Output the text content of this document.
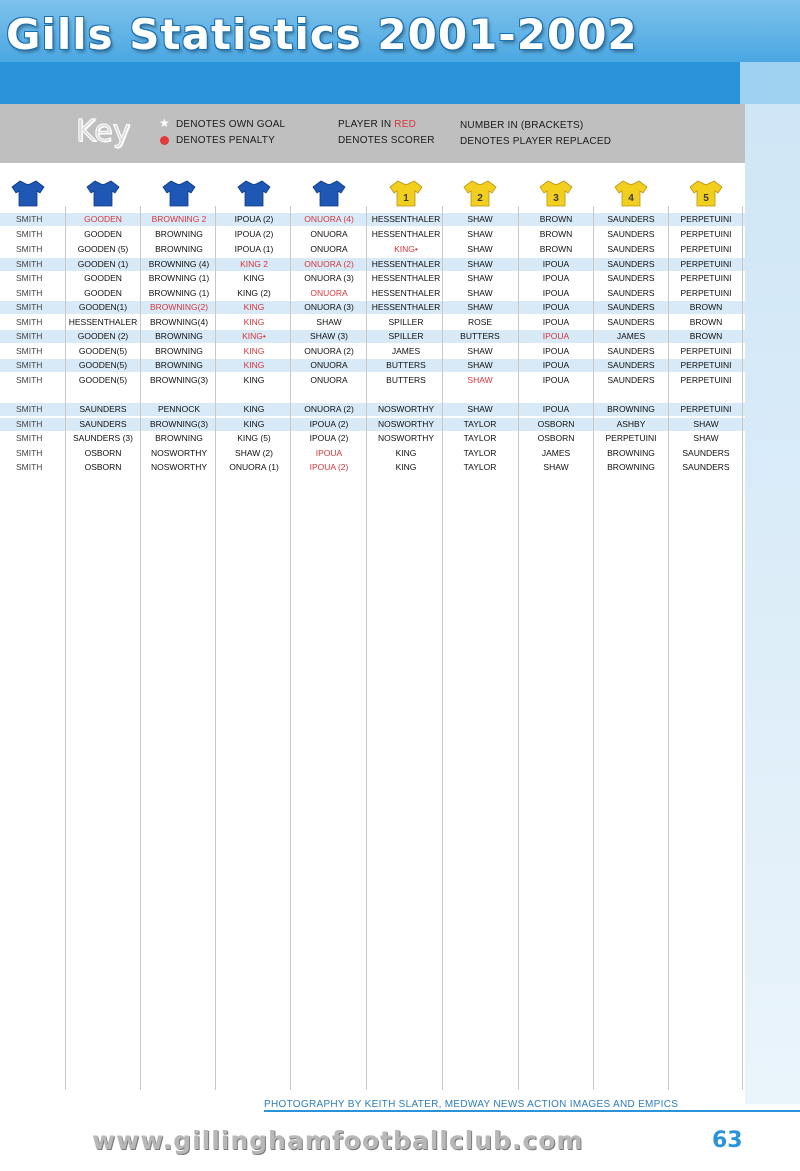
Gills Statistics 2001-2002
Key ★ DENOTES OWN GOAL
DENOTES PENALTY
PLAYER IN RED
DENOTES SCORER
NUMBER IN (BRACKETS)
DENOTES PLAYER REPLACED
1	2	3	4	5
SMITH	GOODEN	BROWNING 2	IPOUA (2)	ONUORA (4)	HESSENTHALER	SHAW	BROWN	SAUNDERS	PERPETUINI
SMITH	GOODEN	BROWNING	IPOUA (2)	ONUORA	HESSENTHALER	SHAW	BROWN	SAUNDERS	PERPETUINI
SMITH	GOODEN (5)	BROWNING	IPOUA (1)	ONUORA	KING•	SHAW	BROWN	SAUNDERS	PERPETUINI
SMITH	GOODEN (1)	BROWNING (4)	KING 2	ONUORA (2)	HESSENTHALER	SHAW	IPOUA	SAUNDERS	PERPETUINI
SMITH	GOODEN	BROWNING (1)	KING	ONUORA (3)	HESSENTHALER	SHAW	IPOUA	SAUNDERS	PERPETUINI
SMITH	GOODEN	BROWNING (1)	KING (2)	ONUORA	HESSENTHALER	SHAW	IPOUA	SAUNDERS	PERPETUINI
SMITH	GOODEN(1)	BROWNING(2)	KING	ONUORA (3)	HESSENTHALER	SHAW	IPOUA	SAUNDERS	BROWN
SMITH	HESSENTHALER	BROWNING(4)	KING	SHAW	SPILLER	ROSE	IPOUA	SAUNDERS	BROWN
SMITH	GOODEN (2)	BROWNING	KING•	SHAW (3)	SPILLER	BUTTERS	IPOUA	JAMES	BROWN
SMITH	GOODEN(5)	BROWNING	KING	ONUORA (2)	JAMES	SHAW	IPOUA	SAUNDERS	PERPETUINI
SMITH	GOODEN(5)	BROWNING	KING	ONUORA	BUTTERS	SHAW	IPOUA	SAUNDERS	PERPETUINI
SMITH	GOODEN(5)	BROWNING(3)	KING	ONUORA	BUTTERS	SHAW	IPOUA	SAUNDERS	PERPETUINI
SMITH	SAUNDERS	PENNOCK	KING	ONUORA (2)	NOSWORTHY	SHAW	IPOUA	BROWNING	PERPETUINI
SMITH	SAUNDERS	BROWNING(3)	KING	IPOUA (2)	NOSWORTHY	TAYLOR	OSBORN	ASHBY	SHAW
SMITH	SAUNDERS (3)	BROWNING	KING (5)	IPOUA (2)	NOSWORTHY	TAYLOR	OSBORN	PERPETUINI	SHAW
SMITH	OSBORN	NOSWORTHY	SHAW (2)	IPOUA	KING	TAYLOR	JAMES	BROWNING	SAUNDERS
SMITH	OSBORN	NOSWORTHY	ONUORA (1)	IPOUA (2)	KING	TAYLOR	SHAW	BROWNING	SAUNDERS
PHOTOGRAPHY BY KEITH SLATER, MEDWAY NEWS ACTION IMAGES AND EMPICS
www.gillinghamfootballclub.com	63
